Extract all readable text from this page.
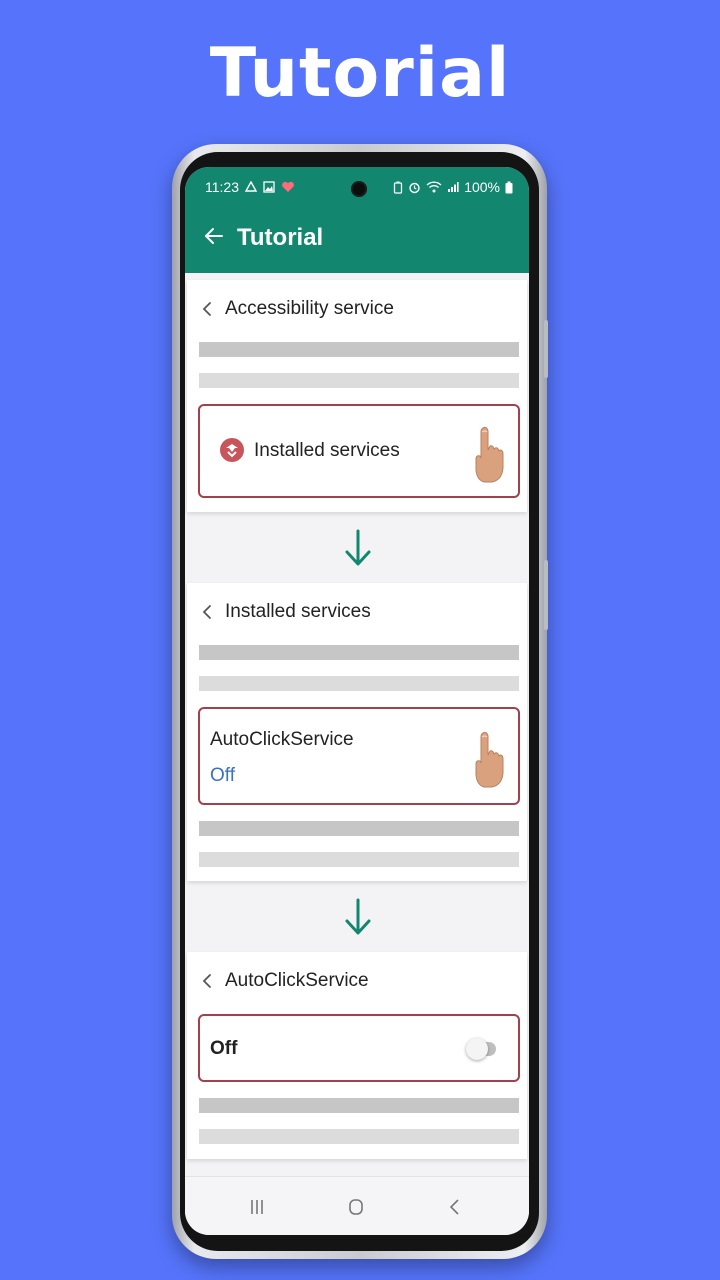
Tutorial
11:23	100%
Tutorial
Accessibility service
Installed services
Installed services
AutoClickService
Off
AutoClickService
Off
